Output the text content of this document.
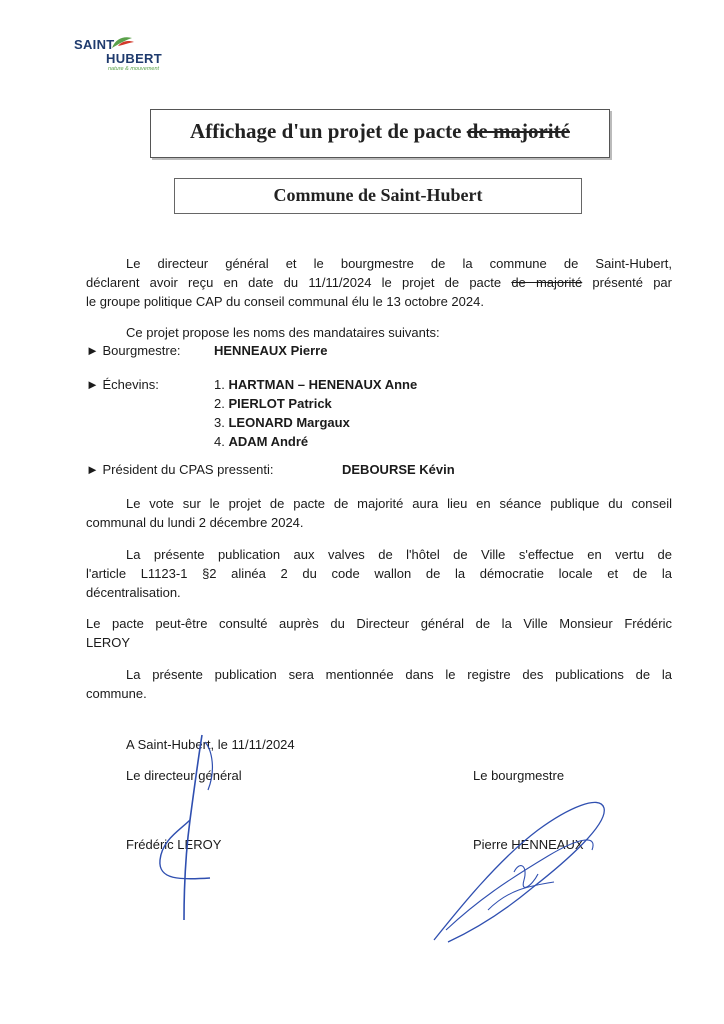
SAINT
HUBERT
nature & mouvement
Affichage d'un projet de pacte de majorité
Commune de Saint-Hubert
Le directeur général et le bourgmestre de la commune de Saint-Hubert,
déclarent avoir reçu en date du 11/11/2024 le projet de pacte de majorité présenté par
le groupe politique CAP du conseil communal élu le 13 octobre 2024.
Ce projet propose les noms des mandataires suivants:
► Bourgmestre:	HENNEAUX Pierre
► Échevins:	1. HARTMAN – HENENAUX Anne
2. PIERLOT Patrick
3. LEONARD Margaux
4. ADAM André
► Président du CPAS pressenti:	DEBOURSE Kévin
Le vote sur le projet de pacte de majorité aura lieu en séance publique du conseil
communal du lundi 2 décembre 2024.
La présente publication aux valves de l'hôtel de Ville s'effectue en vertu de
l'article L1123-1 §2 alinéa 2 du code wallon de la démocratie locale et de la
décentralisation.
Le pacte peut-être consulté auprès du Directeur général de la Ville Monsieur Frédéric
LEROY
La présente publication sera mentionnée dans le registre des publications de la
commune.
A Saint-Hubert, le 11/11/2024
Le directeur général	Le bourgmestre
Frédéric LEROY	Pierre HENNEAUX
